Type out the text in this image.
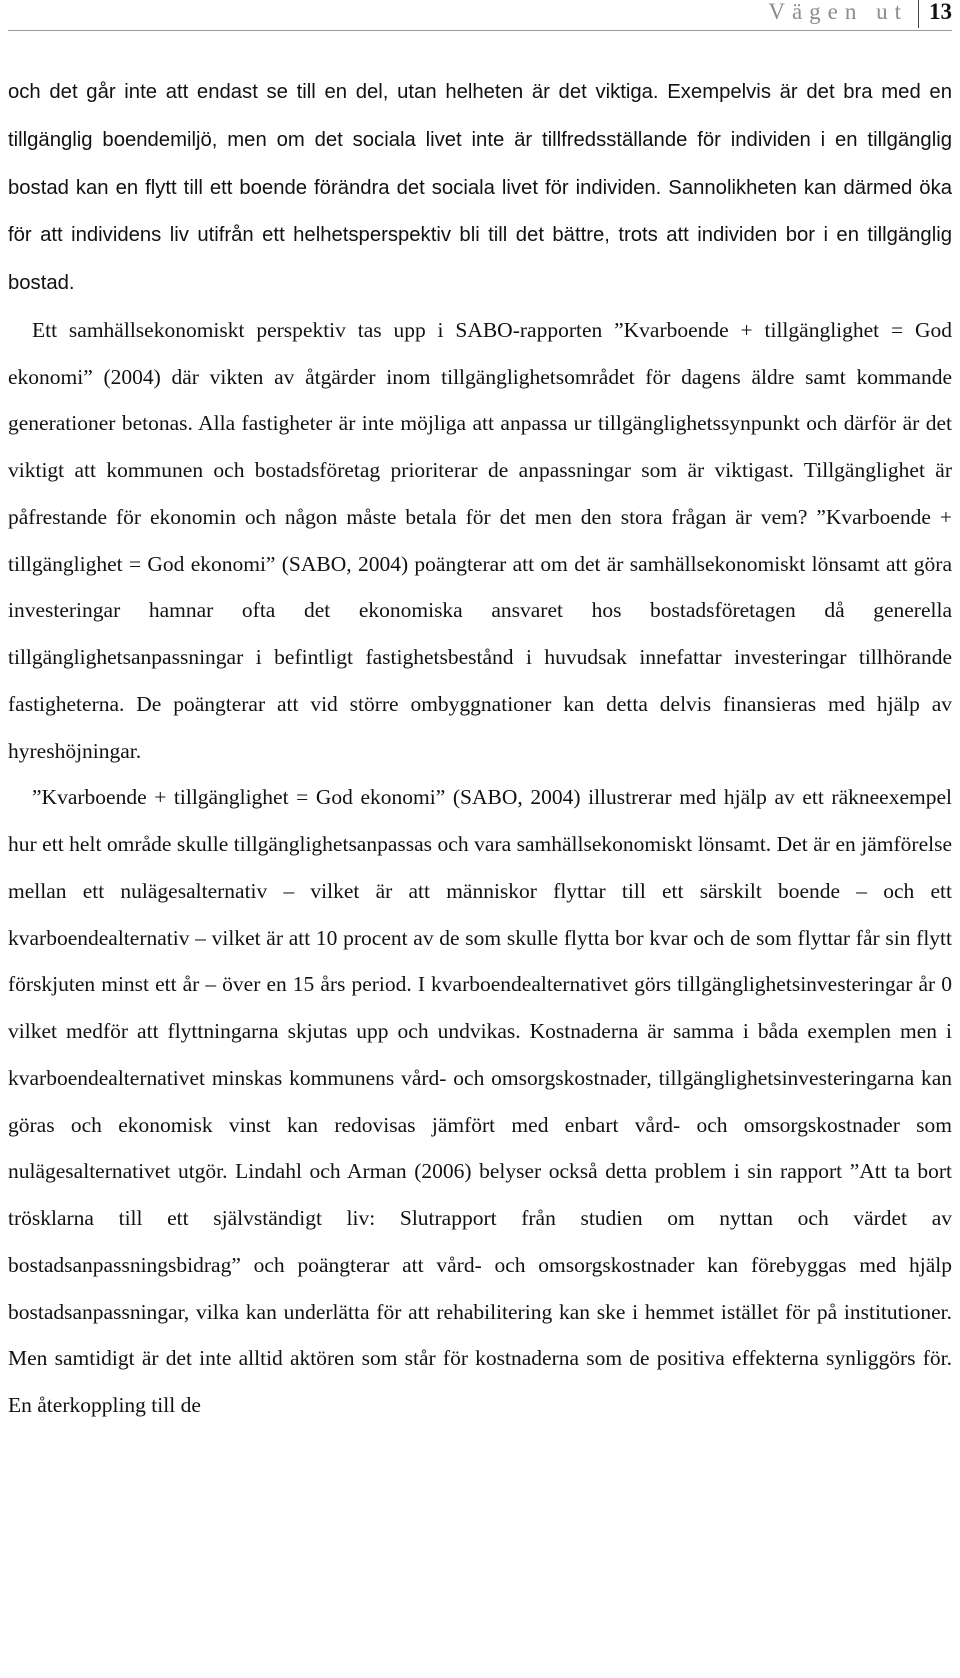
Vägen ut 13

och det går inte att endast se till en del, utan helheten är det viktiga. Exempelvis är det bra med en tillgänglig boendemiljö, men om det sociala livet inte är tillfredsställande för individen i en tillgänglig bostad kan en flytt till ett boende förändra det sociala livet för individen. Sannolikheten kan därmed öka för att individens liv utifrån ett helhetsperspektiv bli till det bättre, trots att individen bor i en tillgänglig bostad.

Ett samhällsekonomiskt perspektiv tas upp i SABO-rapporten ”Kvarboende + tillgänglighet = God ekonomi” (2004) där vikten av åtgärder inom tillgänglighetsområdet för dagens äldre samt kommande generationer betonas. Alla fastigheter är inte möjliga att anpassa ur tillgänglighetssynpunkt och därför är det viktigt att kommunen och bostadsföretag prioriterar de anpassningar som är viktigast. Tillgänglighet är påfrestande för ekonomin och någon måste betala för det men den stora frågan är vem? ”Kvarboende + tillgänglighet = God ekonomi” (SABO, 2004) poängterar att om det är samhällsekonomiskt lönsamt att göra investeringar hamnar ofta det ekonomiska ansvaret hos bostadsföretagen då generella tillgänglighetsanpassningar i befintligt fastighetsbestånd i huvudsak innefattar investeringar tillhörande fastigheterna. De poängterar att vid större ombyggnationer kan detta delvis finansieras med hjälp av hyreshöjningar.

”Kvarboende + tillgänglighet = God ekonomi” (SABO, 2004) illustrerar med hjälp av ett räkneexempel hur ett helt område skulle tillgänglighetsanpassas och vara samhällsekonomiskt lönsamt. Det är en jämförelse mellan ett nulägesalternativ – vilket är att människor flyttar till ett särskilt boende – och ett kvarboendealternativ – vilket är att 10 procent av de som skulle flytta bor kvar och de som flyttar får sin flytt förskjuten minst ett år – över en 15 års period. I kvarboendealternativet görs tillgänglighetsinvesteringar år 0 vilket medför att flyttningarna skjutas upp och undvikas. Kostnaderna är samma i båda exemplen men i kvarboendealternativet minskas kommunens vård- och omsorgskostnader, tillgänglighetsinvesteringarna kan göras och ekonomisk vinst kan redovisas jämfört med enbart vård- och omsorgskostnader som nulägesalternativet utgör. Lindahl och Arman (2006) belyser också detta problem i sin rapport ”Att ta bort trösklarna till ett självständigt liv: Slutrapport från studien om nyttan och värdet av bostadsanpassningsbidrag” och poängterar att vård- och omsorgskostnader kan förebyggas med hjälp bostadsanpassningar, vilka kan underlätta för att rehabilitering kan ske i hemmet istället för på institutioner. Men samtidigt är det inte alltid aktören som står för kostnaderna som de positiva effekterna synliggörs för. En återkoppling till de
